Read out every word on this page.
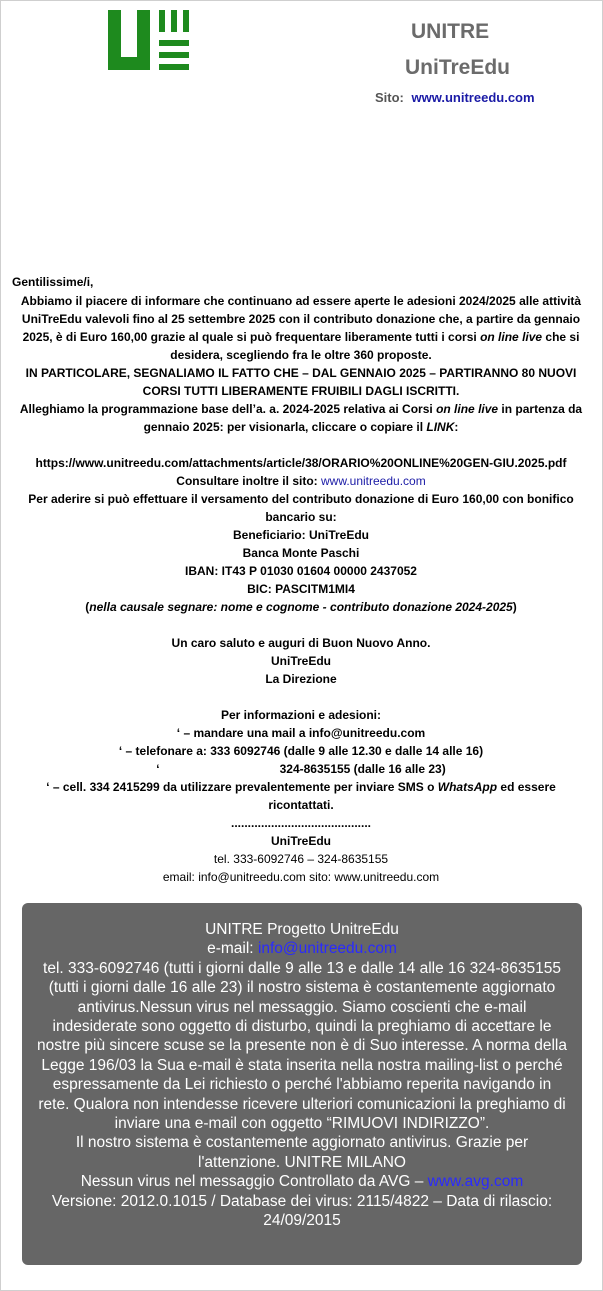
UNITRE
UniTreEdu
Sito: www.unitreedu.com
Gentilissime/i,

Abbiamo il piacere di informare che continuano ad essere aperte le adesioni 2024/2025 alle attività UniTreEdu valevoli fino al 25 settembre 2025 con il contributo donazione che, a partire da gennaio 2025, è di Euro 160,00 grazie al quale si può frequentare liberamente tutti i corsi on line live che si desidera, scegliendo fra le oltre 360 proposte.

IN PARTICOLARE, SEGNALIAMO IL FATTO CHE – DAL GENNAIO 2025 – PARTIRANNO 80 NUOVI CORSI TUTTI LIBERAMENTE FRUIBILI DAGLI ISCRITTI.

Alleghiamo la programmazione base dell’a. a. 2024-2025 relativa ai Corsi on line live in partenza da gennaio 2025: per visionarla, cliccare o copiare il LINK:

https://www.unitreedu.com/attachments/article/38/ORARIO%20ONLINE%20GEN-GIU.2025.pdf

Consultare inoltre il sito: www.unitreedu.com

Per aderire si può effettuare il versamento del contributo donazione di Euro 160,00 con bonifico bancario su:

Beneficiario: UniTreEdu

Banca Monte Paschi

IBAN: IT43 P 01030 01604 00000 2437052

BIC: PASCITM1MI4

(nella causale segnare: nome e cognome - contributo donazione 2024-2025)

Un caro saluto e auguri di Buon Nuovo Anno.

UniTreEdu

La Direzione

Per informazioni e adesioni:

‘ – mandare una mail a info@unitreedu.com

‘ – telefonare a: 333 6092746 (dalle 9 alle 12.30 e dalle 14 alle 16)

‘	324-8635155 (dalle 16 alle 23)

‘ – cell. 334 2415299 da utilizzare prevalentemente per inviare SMS o WhatsApp ed essere ricontattati.

..........................................

UniTreEdu

tel. 333-6092746 – 324-8635155

email: info@unitreedu.com sito: www.unitreedu.com

UNITRE Progetto UnitreEdu

e-mail: info@unitreedu.com

tel. 333-6092746 (tutti i giorni dalle 9 alle 13 e dalle 14 alle 16 324-8635155 (tutti i giorni dalle 16 alle 23) il nostro sistema è costantemente aggiornato antivirus.Nessun virus nel messaggio. Siamo coscienti che e-mail indesiderate sono oggetto di disturbo, quindi la preghiamo di accettare le nostre più sincere scuse se la presente non è di Suo interesse. A norma della Legge 196/03 la Sua e-mail è stata inserita nella nostra mailing-list o perché espressamente da Lei richiesto o perché l'abbiamo reperita navigando in rete. Qualora non intendesse ricevere ulteriori comunicazioni la preghiamo di inviare una e-mail con oggetto “RIMUOVI INDIRIZZO”.

Il nostro sistema è costantemente aggiornato antivirus. Grazie per l'attenzione. UNITRE MILANO

Nessun virus nel messaggio Controllato da AVG – www.avg.com

Versione: 2012.0.1015 / Database dei virus: 2115/4822 – Data di rilascio: 24/09/2015
